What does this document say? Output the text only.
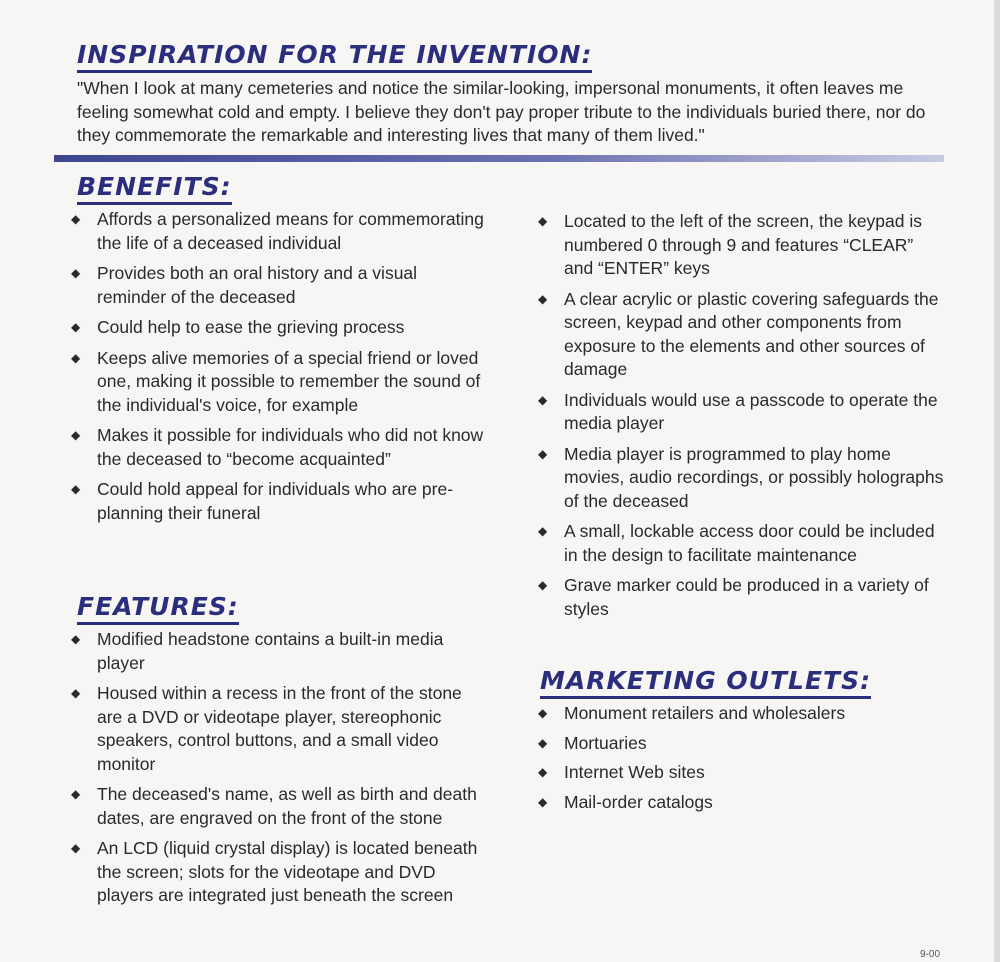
INSPIRATION FOR THE INVENTION:

"When I look at many cemeteries and notice the similar-looking, impersonal monuments, it often leaves me feeling somewhat cold and empty. I believe they don't pay proper tribute to the individuals buried there, nor do they commemorate the remarkable and interesting lives that many of them lived."

BENEFITS:
◆ Affords a personalized means for commemorating the life of a deceased individual
◆ Provides both an oral history and a visual reminder of the deceased
◆ Could help to ease the grieving process
◆ Keeps alive memories of a special friend or loved one, making it possible to remember the sound of the individual's voice, for example
◆ Makes it possible for individuals who did not know the deceased to “become acquainted”
◆ Could hold appeal for individuals who are pre-planning their funeral
FEATURES:
◆ Modified headstone contains a built-in media player
◆ Housed within a recess in the front of the stone are a DVD or videotape player, stereophonic speakers, control buttons, and a small video monitor
◆ The deceased's name, as well as birth and death dates, are engraved on the front of the stone
◆ An LCD (liquid crystal display) is located beneath the screen; slots for the videotape and DVD players are integrated just beneath the screen
◆ Located to the left of the screen, the keypad is numbered 0 through 9 and features “CLEAR” and “ENTER” keys
◆ A clear acrylic or plastic covering safeguards the screen, keypad and other components from exposure to the elements and other sources of damage
◆ Individuals would use a passcode to operate the media player
◆ Media player is programmed to play home movies, audio recordings, or possibly holographs of the deceased
◆ A small, lockable access door could be included in the design to facilitate maintenance
◆ Grave marker could be produced in a variety of styles
MARKETING OUTLETS:
◆ Monument retailers and wholesalers
◆ Mortuaries
◆ Internet Web sites
◆ Mail-order catalogs
9-00
